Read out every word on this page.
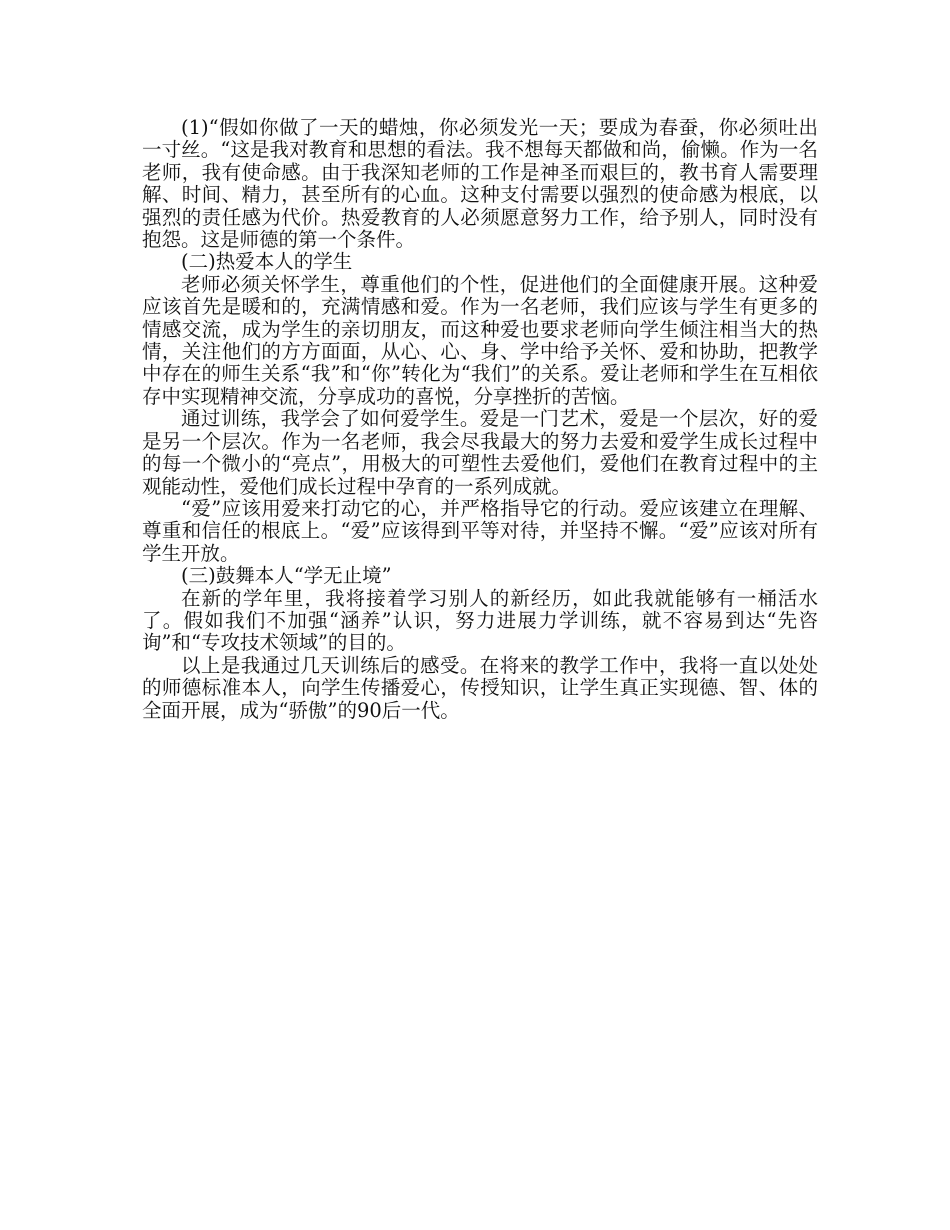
(1)“假如你做了一天的蜡烛，你必须发光一天；要成为春蚕，你必须吐出一寸丝。“这是我对教育和思想的看法。我不想每天都做和尚，偷懒。作为一名老师，我有使命感。由于我深知老师的工作是神圣而艰巨的，教书育人需要理解、时间、精力，甚至所有的心血。这种支付需要以强烈的使命感为根底，以强烈的责任感为代价。热爱教育的人必须愿意努力工作，给予别人，同时没有抱怨。这是师德的第一个条件。

(二)热爱本人的学生

老师必须关怀学生，尊重他们的个性，促进他们的全面健康开展。这种爱应该首先是暖和的，充满情感和爱。作为一名老师，我们应该与学生有更多的情感交流，成为学生的亲切朋友，而这种爱也要求老师向学生倾注相当大的热情，关注他们的方方面面，从心、心、身、学中给予关怀、爱和协助，把教学中存在的师生关系“我”和“你”转化为“我们”的关系。爱让老师和学生在互相依存中实现精神交流，分享成功的喜悦，分享挫折的苦恼。

通过训练，我学会了如何爱学生。爱是一门艺术，爱是一个层次，好的爱是另一个层次。作为一名老师，我会尽我最大的努力去爱和爱学生成长过程中的每一个微小的“亮点”，用极大的可塑性去爱他们，爱他们在教育过程中的主观能动性，爱他们成长过程中孕育的一系列成就。

“爱”应该用爱来打动它的心，并严格指导它的行动。爱应该建立在理解、尊重和信任的根底上。“爱”应该得到平等对待，并坚持不懈。“爱”应该对所有学生开放。

(三)鼓舞本人“学无止境”

在新的学年里，我将接着学习别人的新经历，如此我就能够有一桶活水了。假如我们不加强“涵养”认识，努力进展力学训练，就不容易到达“先咨询”和“专攻技术领域”的目的。

以上是我通过几天训练后的感受。在将来的教学工作中，我将一直以处处的师德标准本人，向学生传播爱心，传授知识，让学生真正实现德、智、体的全面开展，成为“骄傲”的90后一代。
